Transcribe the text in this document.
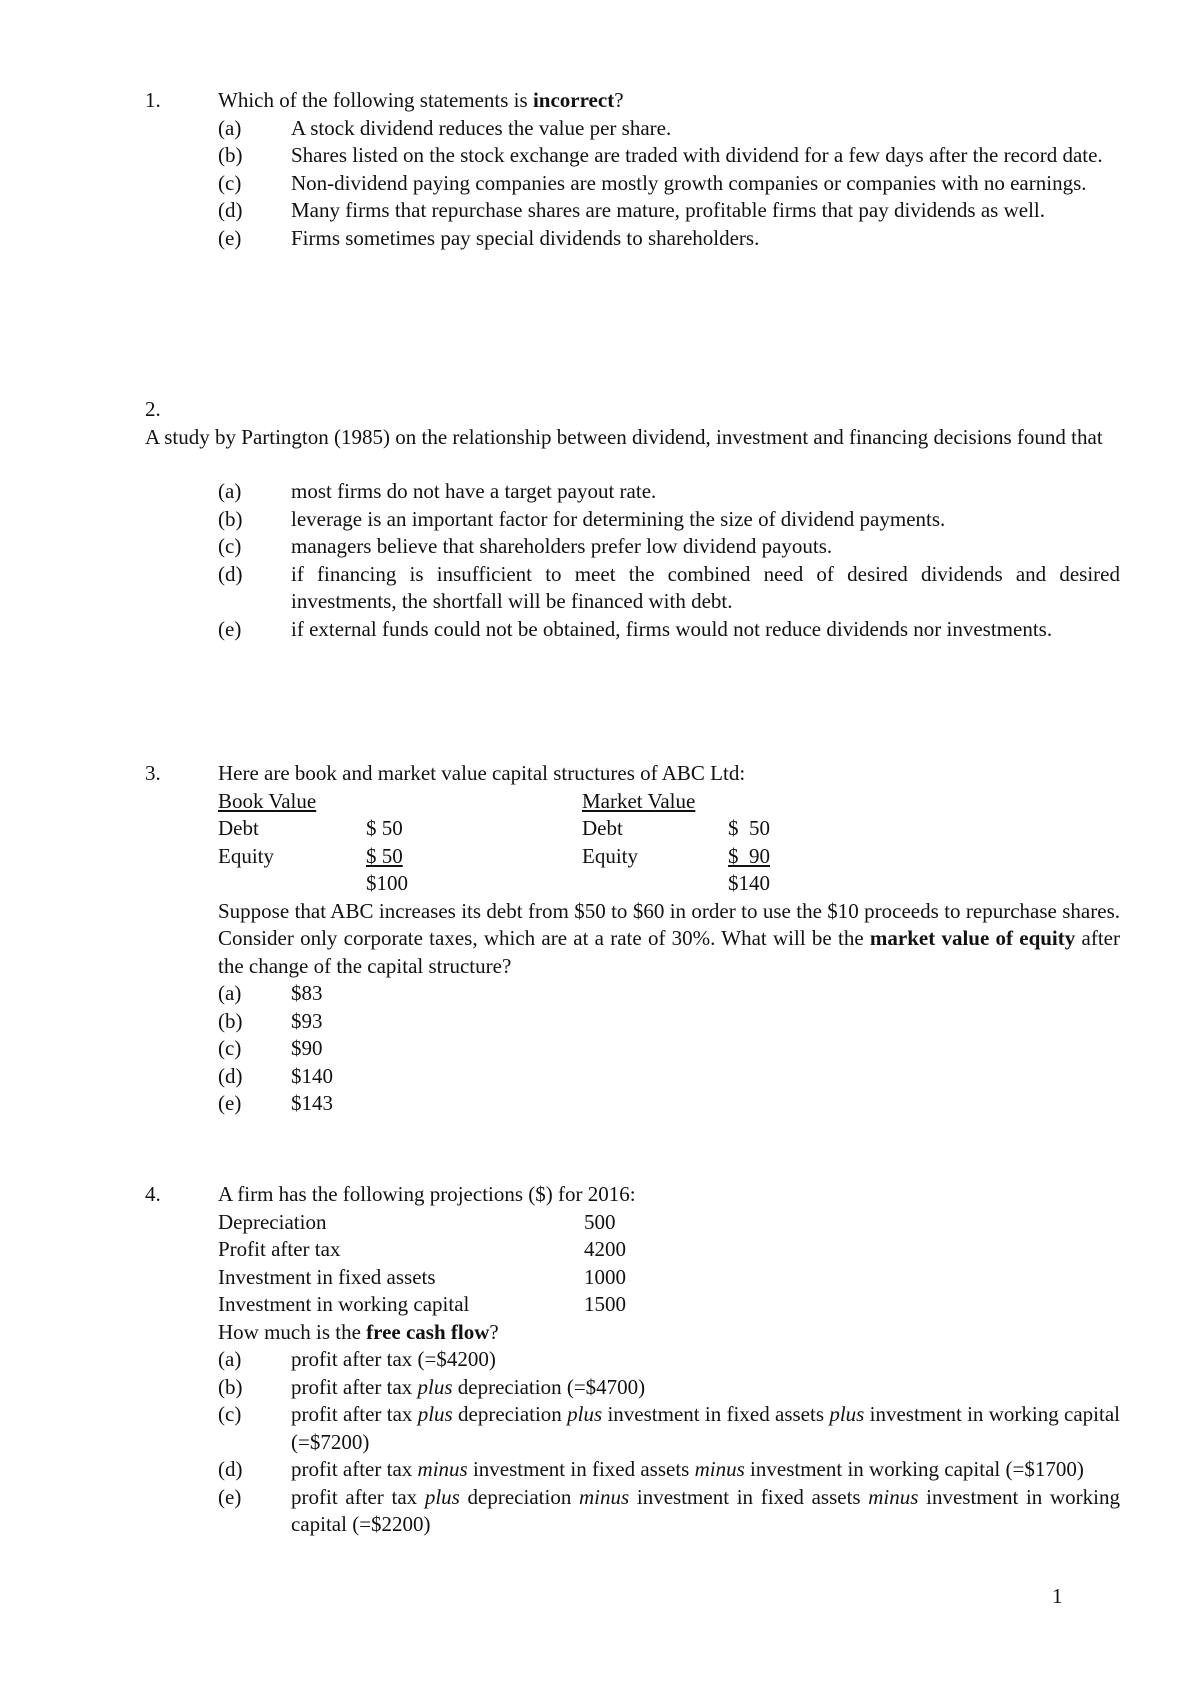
1.	Which of the following statements is incorrect?
(a) A stock dividend reduces the value per share.
(b) Shares listed on the stock exchange are traded with dividend for a few days after the record date.
(c) Non-dividend paying companies are mostly growth companies or companies with no earnings.
(d) Many firms that repurchase shares are mature, profitable firms that pay dividends as well.
(e) Firms sometimes pay special dividends to shareholders.
2.
A study by Partington (1985) on the relationship between dividend, investment and financing decisions found that
(a) most firms do not have a target payout rate.
(b) leverage is an important factor for determining the size of dividend payments.
(c) managers believe that shareholders prefer low dividend payouts.
(d) if financing is insufficient to meet the combined need of desired dividends and desired investments, the shortfall will be financed with debt.
(e) if external funds could not be obtained, firms would not reduce dividends nor investments.
3.	Here are book and market value capital structures of ABC Ltd:
Book Value
Debt	$ 50
Equity	$ 50
$100
Market Value
Debt	$  50
Equity	$  90
$140
Suppose that ABC increases its debt from $50 to $60 in order to use the $10 proceeds to repurchase shares. Consider only corporate taxes, which are at a rate of 30%. What will be the market value of equity after the change of the capital structure?
(a) $83
(b) $93
(c) $90
(d) $140
(e) $143
4.	A firm has the following projections ($) for 2016:
Depreciation	500
Profit after tax	4200
Investment in fixed assets	1000
Investment in working capital	1500
How much is the free cash flow?
(a) profit after tax (=$4200)
(b) profit after tax plus depreciation (=$4700)
(c) profit after tax plus depreciation plus investment in fixed assets plus investment in working capital (=$7200)
(d) profit after tax minus investment in fixed assets minus investment in working capital (=$1700)
(e) profit after tax plus depreciation minus investment in fixed assets minus investment in working capital (=$2200)
1
